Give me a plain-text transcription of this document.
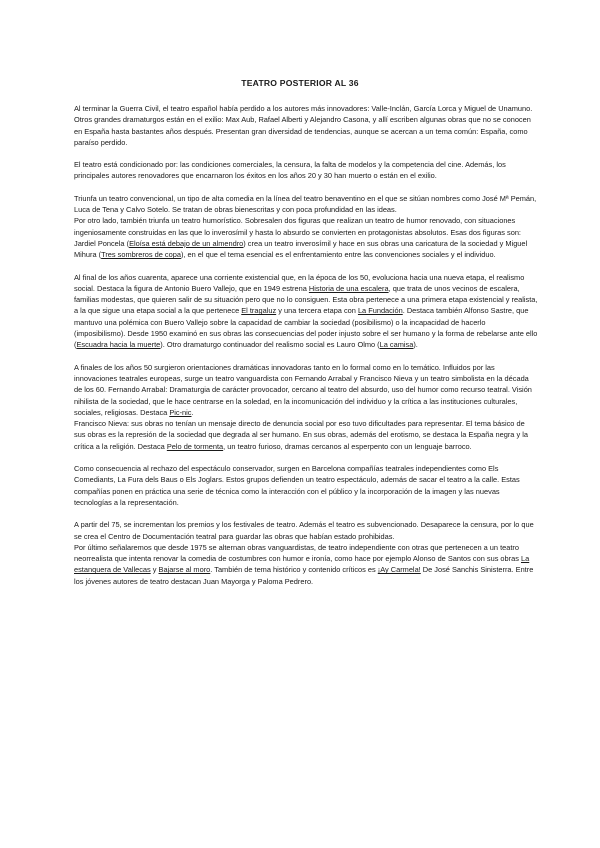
TEATRO POSTERIOR AL 36

Al terminar la Guerra Civil, el teatro español había perdido a los autores más innovadores: Valle-Inclán, García Lorca y Miguel de Unamuno. Otros grandes dramaturgos están en el exilio: Max Aub, Rafael Alberti y Alejandro Casona, y allí escriben algunas obras que no se conocen en España hasta bastantes años después. Presentan gran diversidad de tendencias, aunque se acercan a un tema común: España, como paraíso perdido.

El teatro está condicionado por: las condiciones comerciales, la censura, la falta de modelos y la competencia del cine. Además, los principales autores renovadores que encarnaron los éxitos en los años 20 y 30 han muerto o están en el exilio.

Triunfa un teatro convencional, un tipo de alta comedia en la línea del teatro benaventino en el que se sitúan nombres como José Mª Pemán, Luca de Tena y Calvo Sotelo. Se tratan de obras bienescritas y con poca profundidad en las ideas.

Por otro lado, también triunfa un teatro humorístico. Sobresalen dos figuras que realizan un teatro de humor renovado, con situaciones ingeniosamente construidas en las que lo inverosímil y hasta lo absurdo se convierten en protagonistas absolutos. Esas dos figuras son: Jardiel Poncela (Eloísa está debajo de un almendro) crea un teatro inverosímil y hace en sus obras una caricatura de la sociedad y Miguel Mihura (Tres sombreros de copa), en el que el tema esencial es el enfrentamiento entre las convenciones sociales y el individuo.

Al final de los años cuarenta, aparece una corriente existencial que, en la época de los 50, evoluciona hacia una nueva etapa, el realismo social. Destaca la figura de Antonio Buero Vallejo, que en 1949 estrena Historia de una escalera, que trata de unos vecinos de escalera, familias modestas, que quieren salir de su situación pero que no lo consiguen. Esta obra pertenece a una primera etapa existencial y realista, a la que sigue una etapa social a la que pertenece El tragaluz y una tercera etapa con La Fundación. Destaca también Alfonso Sastre, que mantuvo una polémica con Buero Vallejo sobre la capacidad de cambiar la sociedad (posibilismo) o la incapacidad de hacerlo (imposibilismo). Desde 1950 examinó en sus obras las consecuencias del poder injusto sobre el ser humano y la forma de rebelarse ante ello (Escuadra hacia la muerte). Otro dramaturgo continuador del realismo social es Lauro Olmo (La camisa).

A finales de los años 50 surgieron orientaciones dramáticas innovadoras tanto en lo formal como en lo temático. Influidos por las innovaciones teatrales europeas, surge un teatro vanguardista con Fernando Arrabal y Francisco Nieva y un teatro simbolista en la década de los 60. Fernando Arrabal: Dramaturgia de carácter provocador, cercano al teatro del absurdo, uso del humor como recurso teatral. Visión nihilista de la sociedad, que le hace centrarse en la soledad, en la incomunicación del individuo y la crítica a las instituciones culturales, sociales, religiosas. Destaca Pic-nic.

Francisco Nieva: sus obras no tenían un mensaje directo de denuncia social por eso tuvo dificultades para representar. El tema básico de sus obras es la represión de la sociedad que degrada al ser humano. En sus obras, además del erotismo, se destaca la España negra y la crítica a la religión. Destaca Pelo de tormenta, un teatro furioso, dramas cercanos al esperpento con un lenguaje barroco.

Como consecuencia al rechazo del espectáculo conservador, surgen en Barcelona compañías teatrales independientes como Els Comediants, La Fura dels Baus o Els Joglars. Estos grupos defienden un teatro espectáculo, además de sacar el teatro a la calle. Estas compañías ponen en práctica una serie de técnica como la interacción con el público y la incorporación de la imagen y las nuevas tecnologías a la representación.

A partir del 75, se incrementan los premios y los festivales de teatro. Además el teatro es subvencionado. Desaparece la censura, por lo que se crea el Centro de Documentación teatral para guardar las obras que habían estado prohibidas.

Por último señalaremos que desde 1975 se alternan obras vanguardistas, de teatro independiente con otras que pertenecen a un teatro neorrealista que intenta renovar la comedia de costumbres con humor e ironía, como hace por ejemplo Alonso de Santos con sus obras La estanquera de Vallecas y Bajarse al moro. También de tema histórico y contenido críticos es ¡Ay Carmela! De José Sanchis Sinisterra. Entre los jóvenes autores de teatro destacan Juan Mayorga y Paloma Pedrero.
